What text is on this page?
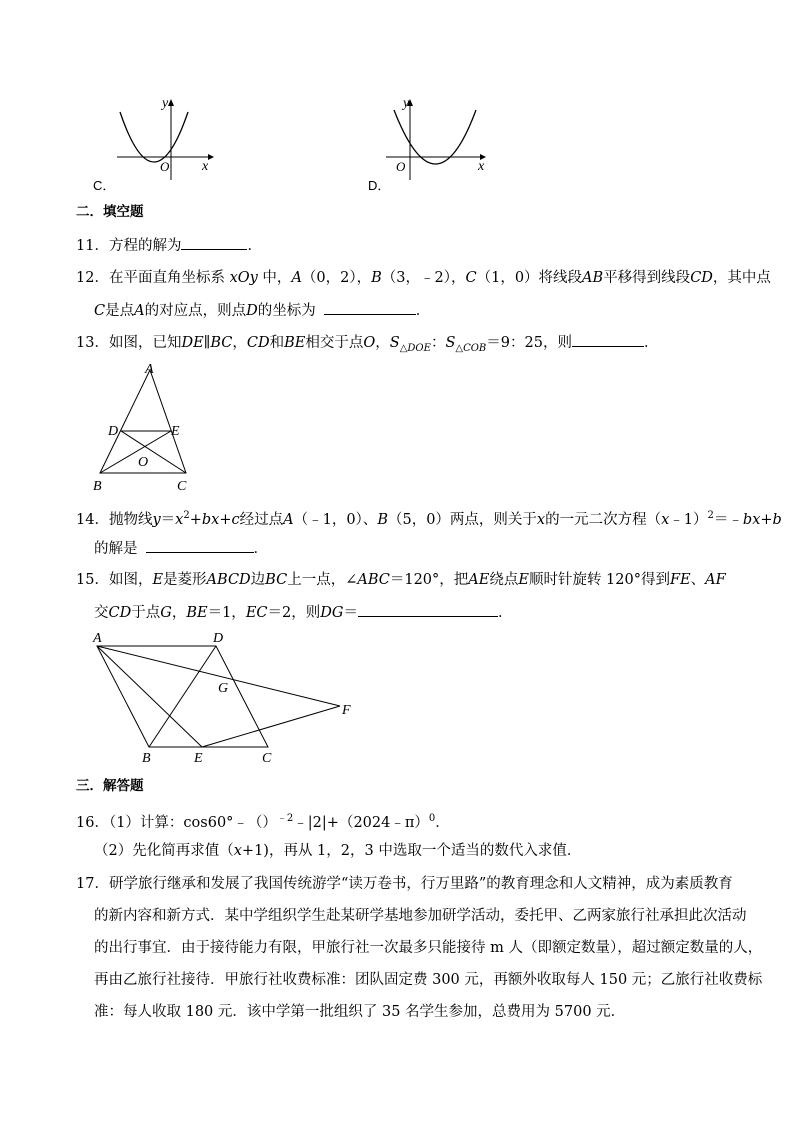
x
y
O
C．
x
y
O
D．
二．填空题
11．方程的解为	．
12．在平面直角坐标系 xOy 中，A（0，2），B（3，﹣2），C（1，0）将线段AB平移得到线段CD，其中点
C是点A的对应点，则点D的坐标为	．
13．如图，已知DE∥BC，CD和BE相交于点O，$S_{\triangle DOE}$：$S_{\triangle COB}=9$：25，则	．
A
D	E
O
B	C
14．抛物线$y=x^2+bx+c$经过点A（﹣1，0）、B（5，0）两点，则关于x的一元二次方程（x﹣1）$^2$＝﹣bx+b
的解是	．
15．如图，E是菱形ABCD边BC上一点，∠ABC＝120°，把AE绕点E顺时针旋转 120°得到FE、AF
交CD于点G，BE＝1，EC＝2，则DG＝	．
A	D
G
F
B	E	C
三．解答题
16．（1）计算：cos60°﹣（）$^{﹣2}$﹣|2|+（2024﹣π）$^0$．
（2）先化简再求值（x+1)，再从 1，2，3 中选取一个适当的数代入求值．
17．研学旅行继承和发展了我国传统游学“读万卷书，行万里路”的教育理念和人文精神，成为素质教育
的新内容和新方式．某中学组织学生赴某研学基地参加研学活动，委托甲、乙两家旅行社承担此次活动
的出行事宜．由于接待能力有限，甲旅行社一次最多只能接待 m 人（即额定数量），超过额定数量的人，
再由乙旅行社接待．甲旅行社收费标准：团队固定费 300 元，再额外收取每人 150 元；乙旅行社收费标
准：每人收取 180 元．该中学第一批组织了 35 名学生参加，总费用为 5700 元．
